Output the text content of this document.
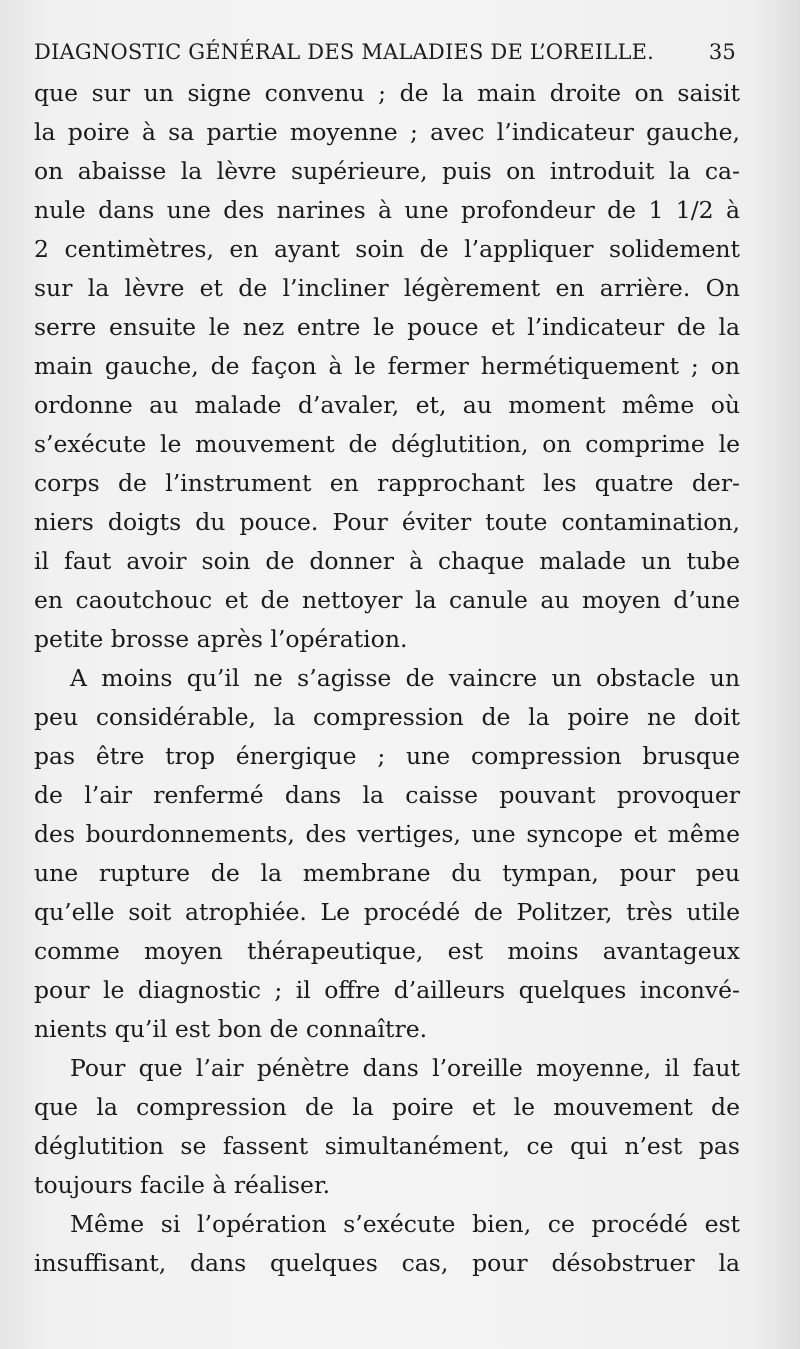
DIAGNOSTIC GÉNÉRAL DES MALADIES DE L’OREILLE.	35

que sur un signe convenu ; de la main droite on saisit
la poire à sa partie moyenne ; avec l’indicateur gauche,
on abaisse la lèvre supérieure, puis on introduit la ca-
nule dans une des narines à une profondeur de 1 1/2 à
2 centimètres, en ayant soin de l’appliquer solidement
sur la lèvre et de l’incliner légèrement en arrière. On
serre ensuite le nez entre le pouce et l’indicateur de la
main gauche, de façon à le fermer hermétiquement ; on
ordonne au malade d’avaler, et, au moment même où
s’exécute le mouvement de déglutition, on comprime le
corps de l’instrument en rapprochant les quatre der-
niers doigts du pouce. Pour éviter toute contamination,
il faut avoir soin de donner à chaque malade un tube
en caoutchouc et de nettoyer la canule au moyen d’une
petite brosse après l’opération.

A moins qu’il ne s’agisse de vaincre un obstacle un
peu considérable, la compression de la poire ne doit
pas être trop énergique ; une compression brusque
de l’air renfermé dans la caisse pouvant provoquer
des bourdonnements, des vertiges, une syncope et même
une rupture de la membrane du tympan, pour peu
qu’elle soit atrophiée. Le procédé de Politzer, très utile
comme moyen thérapeutique, est moins avantageux
pour le diagnostic ; il offre d’ailleurs quelques inconvé-
nients qu’il est bon de connaître.

Pour que l’air pénètre dans l’oreille moyenne, il faut
que la compression de la poire et le mouvement de
déglutition se fassent simultanément, ce qui n’est pas
toujours facile à réaliser.

Même si l’opération s’exécute bien, ce procédé est
insuffisant, dans quelques cas, pour désobstruer la
